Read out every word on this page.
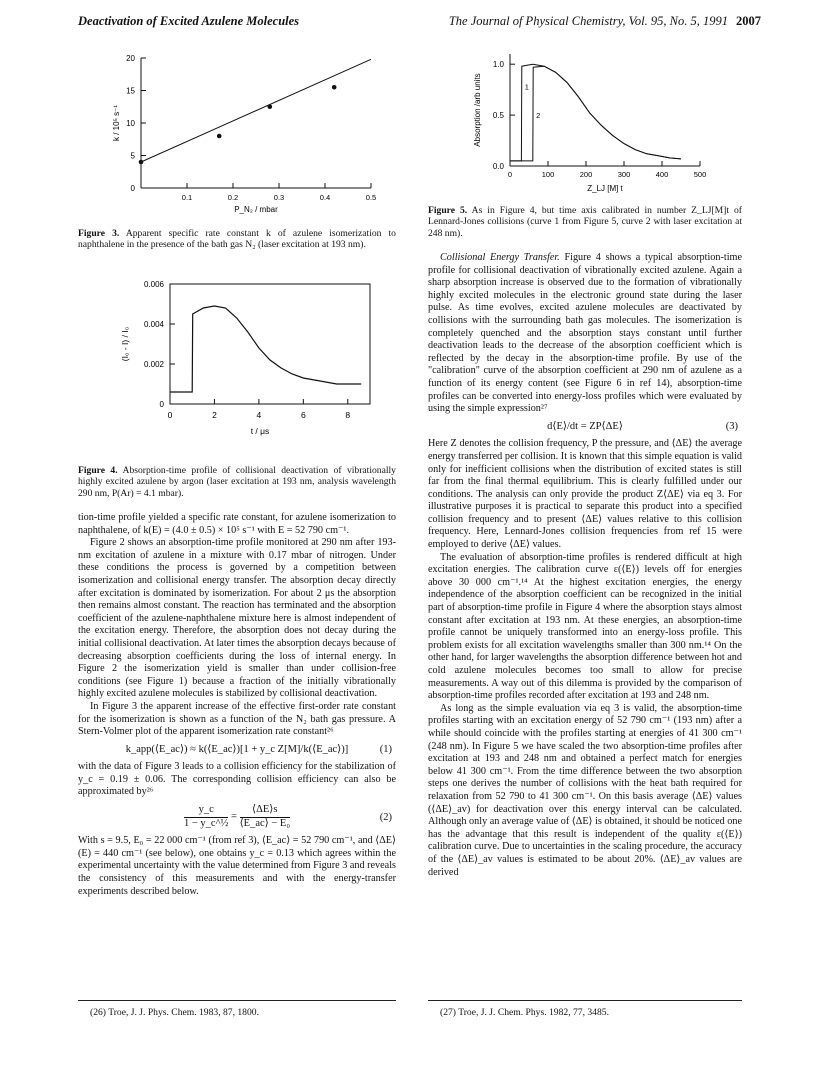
Deactivation of Excited Azulene Molecules	The Journal of Physical Chemistry, Vol. 95, No. 5, 1991 2007
0
5
10
15
20
0.1	0.2	0.3	0.4	0.5
P_N₂ / mbar
k / 10⁵ s⁻¹
Figure 3. Apparent specific rate constant k of azulene isomerization to naphthalene in the presence of the bath gas N₂ (laser excitation at 193 nm).
0
0.002
0.004
0.006
0	2	4	6	8
t / μs
(I₀ - I) / I₀
Figure 4. Absorption-time profile of collisional deactivation of vibrationally highly excited azulene by argon (laser excitation at 193 nm, analysis wavelength 290 nm, P(Ar) = 4.1 mbar).
0.0
0.5
1.0
0	100	200	300	400	500
1
2
Z_LJ [M] t
Absorption /arb units
Figure 5. As in Figure 4, but time axis calibrated in number Z_LJ[M]t of Lennard-Jones collisions (curve 1 from Figure 5, curve 2 with laser excitation at 248 nm).

tion-time profile yielded a specific rate constant, for azulene isomerization to naphthalene, of k(E) = (4.0 ± 0.5) × 10⁵ s⁻¹ with E = 52 790 cm⁻¹.

Figure 2 shows an absorption-time profile monitored at 290 nm after 193-nm excitation of azulene in a mixture with 0.17 mbar of nitrogen. Under these conditions the process is governed by a competition between isomerization and collisional energy transfer. The absorption decay directly after excitation is dominated by isomerization. For about 2 μs the absorption then remains almost constant. The reaction has terminated and the absorption coefficient of the azulene-naphthalene mixture here is almost independent of the excitation energy. Therefore, the absorption does not decay during the initial collisional deactivation. At later times the absorption decays because of decreasing absorption coefficients during the loss of internal energy. In Figure 2 the isomerization yield is smaller than under collision-free conditions (see Figure 1) because a fraction of the initially vibrationally highly excited azulene molecules is stabilized by collisional deactivation.

In Figure 3 the apparent increase of the effective first-order rate constant for the isomerization is shown as a function of the N₂ bath gas pressure. A Stern-Volmer plot of the apparent isomerization rate constant²⁶

k_app(⟨E_ac⟩) ≈ k(⟨E_ac⟩)[1 + y_c Z[M]/k(⟨E_ac⟩)]	(1)

with the data of Figure 3 leads to a collision efficiency for the stabilization of y_c = 0.19 ± 0.06. The corresponding collision efficiency can also be approximated by²⁶

$\frac{y\_c}{\text{1 − y\_c\textasciicircum{}½}} = \frac{⟨\Delta E⟩s}{\text{⟨E\_ac⟩ − E₀}}$	(2)

With s = 9.5, E₀ = 22 000 cm⁻¹ (from ref 3), ⟨E_ac⟩ = 52 790 cm⁻¹, and ⟨ΔE⟩(E) = 440 cm⁻¹ (see below), one obtains y_c = 0.13 which agrees within the experimental uncertainty with the value determined from Figure 3 and reveals the consistency of this measurements and with the energy-transfer experiments described below.

Collisional Energy Transfer. Figure 4 shows a typical absorption-time profile for collisional deactivation of vibrationally excited azulene. Again a sharp absorption increase is observed due to the formation of vibrationally highly excited molecules in the electronic ground state during the laser pulse. As time evolves, excited azulene molecules are deactivated by collisions with the surrounding bath gas molecules. The isomerization is completely quenched and the absorption stays constant until further deactivation leads to the decrease of the absorption coefficient which is reflected by the decay in the absorption-time profile. By use of the "calibration" curve of the absorption coefficient at 290 nm of azulene as a function of its energy content (see Figure 6 in ref 14), absorption-time profiles can be converted into energy-loss profiles which were evaluated by using the simple expression²⁷

d⟨E⟩/dt = ZP⟨ΔE⟩	(3)

Here Z denotes the collision frequency, P the pressure, and ⟨ΔE⟩ the average energy transferred per collision. It is known that this simple equation is valid only for inefficient collisions when the distribution of excited states is still far from the final thermal equilibrium. This is clearly fulfilled under our conditions. The analysis can only provide the product Z⟨ΔE⟩ via eq 3. For illustrative purposes it is practical to separate this product into a specified collision frequency and to present ⟨ΔE⟩ values relative to this collision frequency. Here, Lennard-Jones collision frequencies from ref 15 were employed to derive ⟨ΔE⟩ values.

The evaluation of absorption-time profiles is rendered difficult at high excitation energies. The calibration curve ε(⟨E⟩) levels off for energies above 30 000 cm⁻¹.¹⁴ At the highest excitation energies, the energy independence of the absorption coefficient can be recognized in the initial part of absorption-time profile in Figure 4 where the absorption stays almost constant after excitation at 193 nm. At these energies, an absorption-time profile cannot be uniquely transformed into an energy-loss profile. This problem exists for all excitation wavelengths smaller than 300 nm.¹⁴ On the other hand, for larger wavelengths the absorption difference between hot and cold azulene molecules becomes too small to allow for precise measurements. A way out of this dilemma is provided by the comparison of absorption-time profiles recorded after excitation at 193 and 248 nm.

As long as the simple evaluation via eq 3 is valid, the absorption-time profiles starting with an excitation energy of 52 790 cm⁻¹ (193 nm) after a while should coincide with the profiles starting at energies of 41 300 cm⁻¹ (248 nm). In Figure 5 we have scaled the two absorption-time profiles after excitation at 193 and 248 nm and obtained a perfect match for energies below 41 300 cm⁻¹. From the time difference between the two absorption steps one derives the number of collisions with the heat bath required for relaxation from 52 790 to 41 300 cm⁻¹. On this basis average ⟨ΔE⟩ values (⟨ΔE⟩_av) for deactivation over this energy interval can be calculated. Although only an average value of ⟨ΔE⟩ is obtained, it should be noticed one has the advantage that this result is independent of the quality ε(⟨E⟩) calibration curve. Due to uncertainties in the scaling procedure, the accuracy of the ⟨ΔE⟩_av values is estimated to be about 20%. ⟨ΔE⟩_av values are derived

(26) Troe, J. J. Phys. Chem. 1983, 87, 1800.	(27) Troe, J. J. Chem. Phys. 1982, 77, 3485.
